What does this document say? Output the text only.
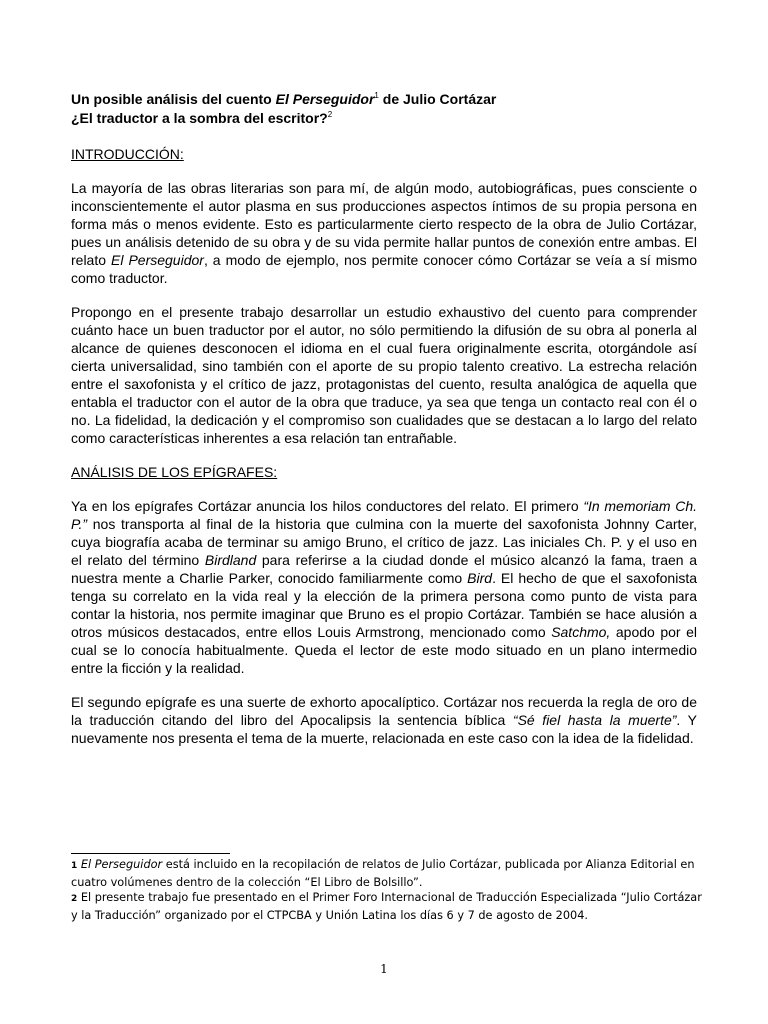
Un posible análisis del cuento El Perseguidor$^1$ de Julio Cortázar
¿El traductor a la sombra del escritor?$^2$

INTRODUCCIÓN:

La mayoría de las obras literarias son para mí, de algún modo, autobiográficas, pues consciente o inconscientemente el autor plasma en sus producciones aspectos íntimos de su propia persona en forma más o menos evidente. Esto es particularmente cierto respecto de la obra de Julio Cortázar, pues un análisis detenido de su obra y de su vida permite hallar puntos de conexión entre ambas. El relato El Perseguidor, a modo de ejemplo, nos permite conocer cómo Cortázar se veía a sí mismo como traductor.

Propongo en el presente trabajo desarrollar un estudio exhaustivo del cuento para comprender cuánto hace un buen traductor por el autor, no sólo permitiendo la difusión de su obra al ponerla al alcance de quienes desconocen el idioma en el cual fuera originalmente escrita, otorgándole así cierta universalidad, sino también con el aporte de su propio talento creativo. La estrecha relación entre el saxofonista y el crítico de jazz, protagonistas del cuento, resulta analógica de aquella que entabla el traductor con el autor de la obra que traduce, ya sea que tenga un contacto real con él o no. La fidelidad, la dedicación y el compromiso son cualidades que se destacan a lo largo del relato como características inherentes a esa relación tan entrañable.

ANÁLISIS DE LOS EPÍGRAFES:

Ya en los epígrafes Cortázar anuncia los hilos conductores del relato. El primero “In memoriam Ch. P.” nos transporta al final de la historia que culmina con la muerte del saxofonista Johnny Carter, cuya biografía acaba de terminar su amigo Bruno, el crítico de jazz. Las iniciales Ch. P. y el uso en el relato del término Birdland para referirse a la ciudad donde el músico alcanzó la fama, traen a nuestra mente a Charlie Parker, conocido familiarmente como Bird. El hecho de que el saxofonista tenga su correlato en la vida real y la elección de la primera persona como punto de vista para contar la historia, nos permite imaginar que Bruno es el propio Cortázar. También se hace alusión a otros músicos destacados, entre ellos Louis Armstrong, mencionado como Satchmo, apodo por el cual se lo conocía habitualmente. Queda el lector de este modo situado en un plano intermedio entre la ficción y la realidad.

El segundo epígrafe es una suerte de exhorto apocalíptico. Cortázar nos recuerda la regla de oro de la traducción citando del libro del Apocalipsis la sentencia bíblica “Sé fiel hasta la muerte”. Y nuevamente nos presenta el tema de la muerte, relacionada en este caso con la idea de la fidelidad.

1 El Perseguidor está incluido en la recopilación de relatos de Julio Cortázar, publicada por Alianza Editorial en cuatro volúmenes dentro de la colección “El Libro de Bolsillo”.

2 El presente trabajo fue presentado en el Primer Foro Internacional de Traducción Especializada “Julio Cortázar y la Traducción” organizado por el CTPCBA y Unión Latina los días 6 y 7 de agosto de 2004.

1
